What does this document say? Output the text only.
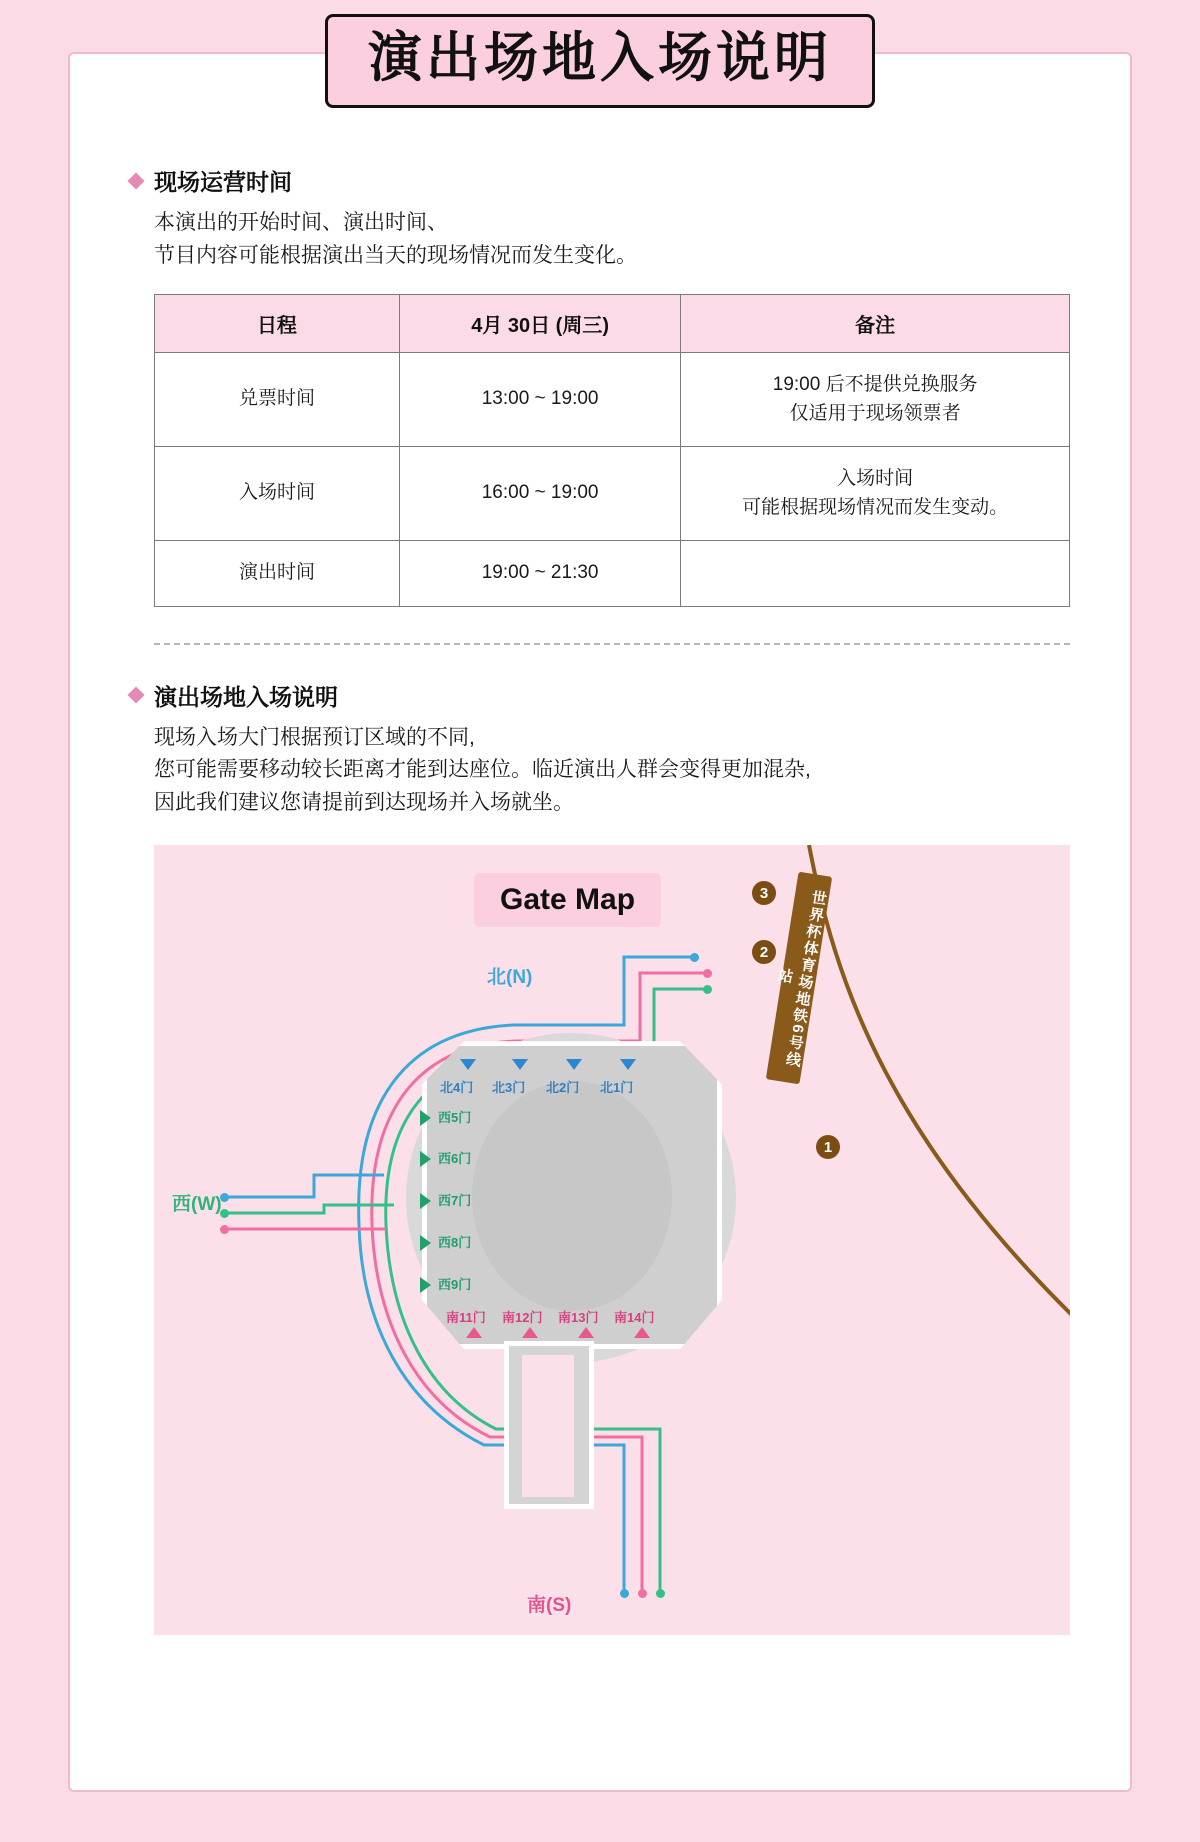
演出场地入场说明
现场运营时间
本演出的开始时间、演出时间、
节目内容可能根据演出当天的现场情况而发生变化。
日程	4月 30日 (周三)	备注
兑票时间	13:00 ~ 19:00	19:00 后不提供兑换服务
仅适用于现场领票者

入场时间	16:00 ~ 19:00	入场时间
可能根据现场情况而发生变动。

演出时间	19:00 ~ 21:30	
演出场地入场说明
现场入场大门根据预订区域的不同,
您可能需要移动较长距离才能到达座位。临近演出人群会变得更加混杂,
因此我们建议您请提前到达现场并入场就坐。
Gate Map	世界杯体育场地铁6号线站
3
2
1
北(N)
西(W)
南(S)
北4门 北3门 北2门 北1门
西5门
西6门
西7门
西8门
西9门
南11门 南12门 南13门 南14门
